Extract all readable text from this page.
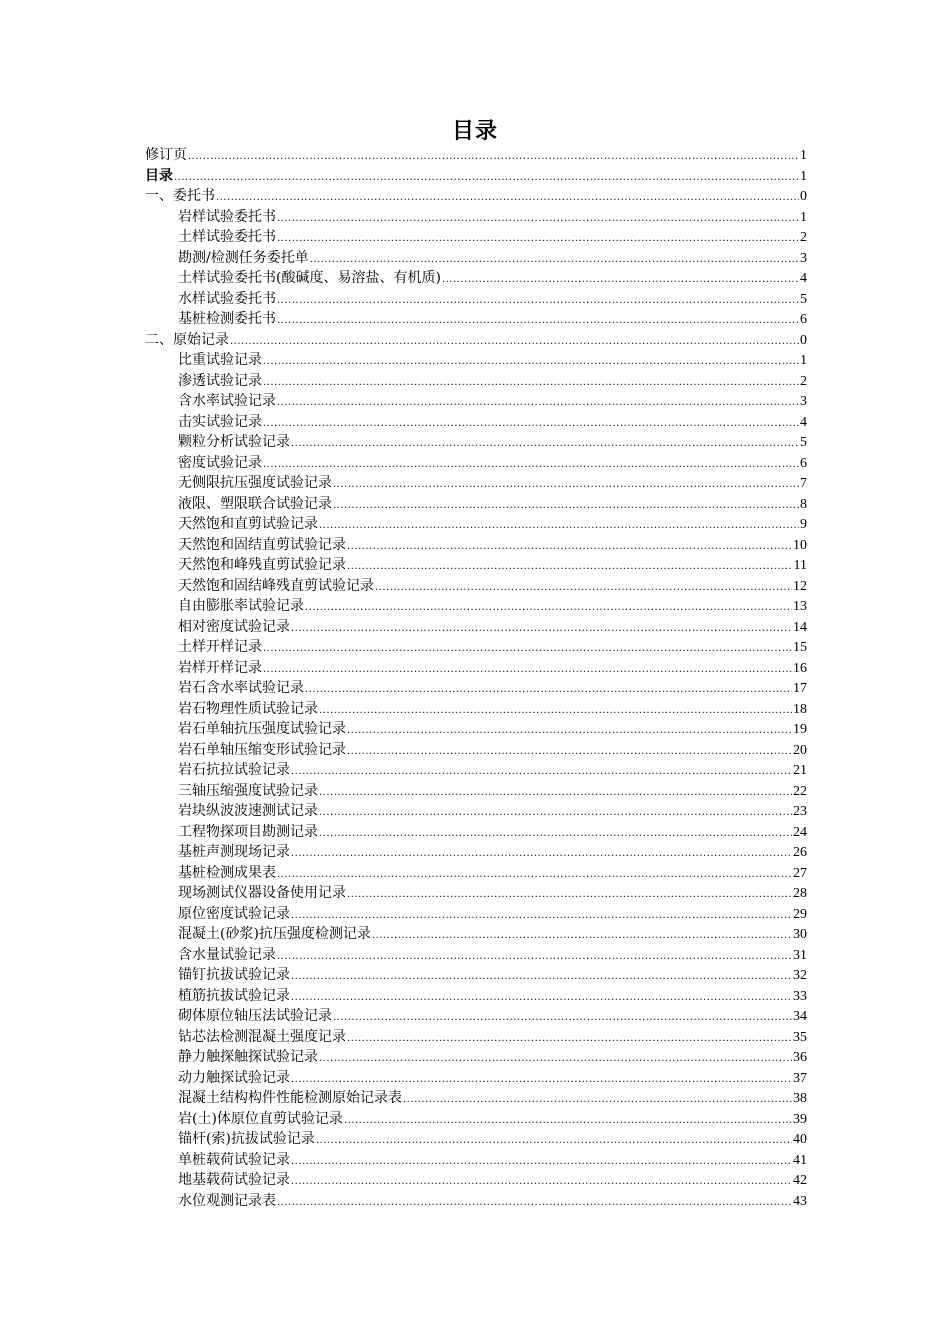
目录
修订页 .....	1
目录 .....	1
一、委托书 .....	0
岩样试验委托书 .....	1
土样试验委托书 .....	2
勘测/检测任务委托单 .....	3
土样试验委托书(酸碱度、易溶盐、有机质) .....	4
水样试验委托书 .....	5
基桩检测委托书 .....	6
二、原始记录 .....	0
比重试验记录 .....	1
渗透试验记录 .....	2
含水率试验记录 .....	3
击实试验记录 .....	4
颗粒分析试验记录 .....	5
密度试验记录 .....	6
无侧限抗压强度试验记录 .....	7
液限、塑限联合试验记录 .....	8
天然饱和直剪试验记录 .....	9
天然饱和固结直剪试验记录 .....	10
天然饱和峰残直剪试验记录 .....	11
天然饱和固结峰残直剪试验记录 .....	12
自由膨胀率试验记录 .....	13
相对密度试验记录 .....	14
土样开样记录 .....	15
岩样开样记录 .....	16
岩石含水率试验记录 .....	17
岩石物理性质试验记录 .....	18
岩石单轴抗压强度试验记录 .....	19
岩石单轴压缩变形试验记录 .....	20
岩石抗拉试验记录 .....	21
三轴压缩强度试验记录 .....	22
岩块纵波波速测试记录 .....	23
工程物探项目勘测记录 .....	24
基桩声测现场记录 .....	26
基桩检测成果表 .....	27
现场测试仪器设备使用记录 .....	28
原位密度试验记录 .....	29
混凝土(砂浆)抗压强度检测记录 .....	30
含水量试验记录 .....	31
锚钉抗拔试验记录 .....	32
植筋抗拔试验记录 .....	33
砌体原位轴压法试验记录 .....	34
钻芯法检测混凝土强度记录 .....	35
静力触探触探试验记录 .....	36
动力触探试验记录 .....	37
混凝土结构构件性能检测原始记录表 .....	38
岩(土)体原位直剪试验记录 .....	39
锚杆(索)抗拔试验记录 .....	40
单桩载荷试验记录 .....	41
地基载荷试验记录 .....	42
水位观测记录表 .....	43
